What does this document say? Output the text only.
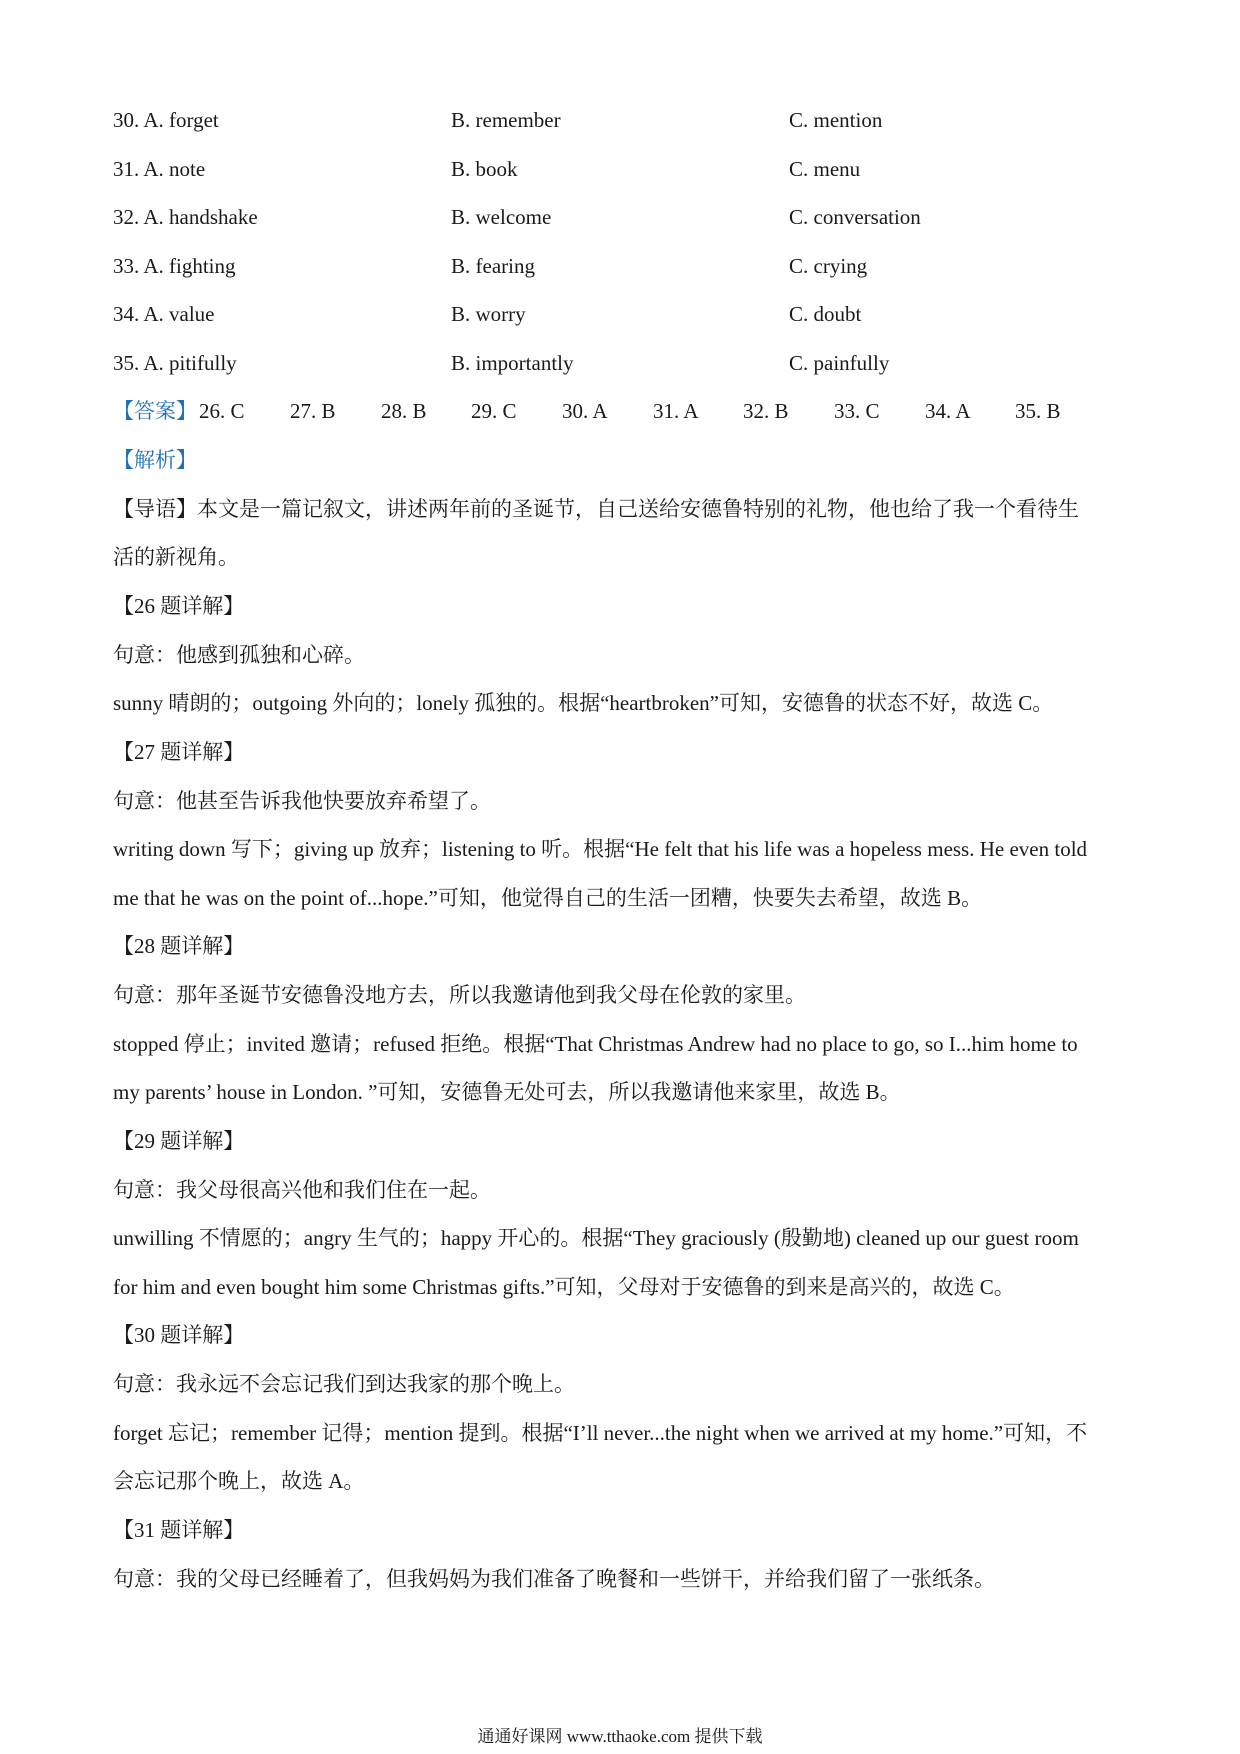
30. A. forget	B. remember	C. mention
31. A. note	B. book	C. menu
32. A. handshake	B. welcome	C. conversation
33. A. fighting	B. fearing	C. crying
34. A. value	B. worry	C. doubt
35. A. pitifully	B. importantly	C. painfully
【答案】 26. C 27. B 28. B 29. C 30. A 31. A 32. B 33. C 34. A 35. B
【解析】
【导语】本文是一篇记叙文，讲述两年前的圣诞节，自己送给安德鲁特别的礼物，他也给了我一个看待生
活的新视角。
【26 题详解】
句意：他感到孤独和心碎。
sunny 晴朗的；outgoing 外向的；lonely 孤独的。根据“heartbroken”可知，安德鲁的状态不好，故选 C。
【27 题详解】
句意：他甚至告诉我他快要放弃希望了。
writing down 写下；giving up 放弃；listening to 听。根据“He felt that his life was a hopeless mess. He even told
me that he was on the point of...hope.”可知，他觉得自己的生活一团糟，快要失去希望，故选 B。
【28 题详解】
句意：那年圣诞节安德鲁没地方去，所以我邀请他到我父母在伦敦的家里。
stopped 停止；invited 邀请；refused 拒绝。根据“That Christmas Andrew had no place to go, so I...him home to
my parents’ house in London. ”可知，安德鲁无处可去，所以我邀请他来家里，故选 B。
【29 题详解】
句意：我父母很高兴他和我们住在一起。
unwilling 不情愿的；angry 生气的；happy 开心的。根据“They graciously (殷勤地) cleaned up our guest room
for him and even bought him some Christmas gifts.”可知，父母对于安德鲁的到来是高兴的，故选 C。
【30 题详解】
句意：我永远不会忘记我们到达我家的那个晚上。
forget 忘记；remember 记得；mention 提到。根据“I’ll never...the night when we arrived at my home.”可知，不
会忘记那个晚上，故选 A。
【31 题详解】
句意：我的父母已经睡着了，但我妈妈为我们准备了晚餐和一些饼干，并给我们留了一张纸条。
通通好课网 www.tthaoke.com 提供下载
